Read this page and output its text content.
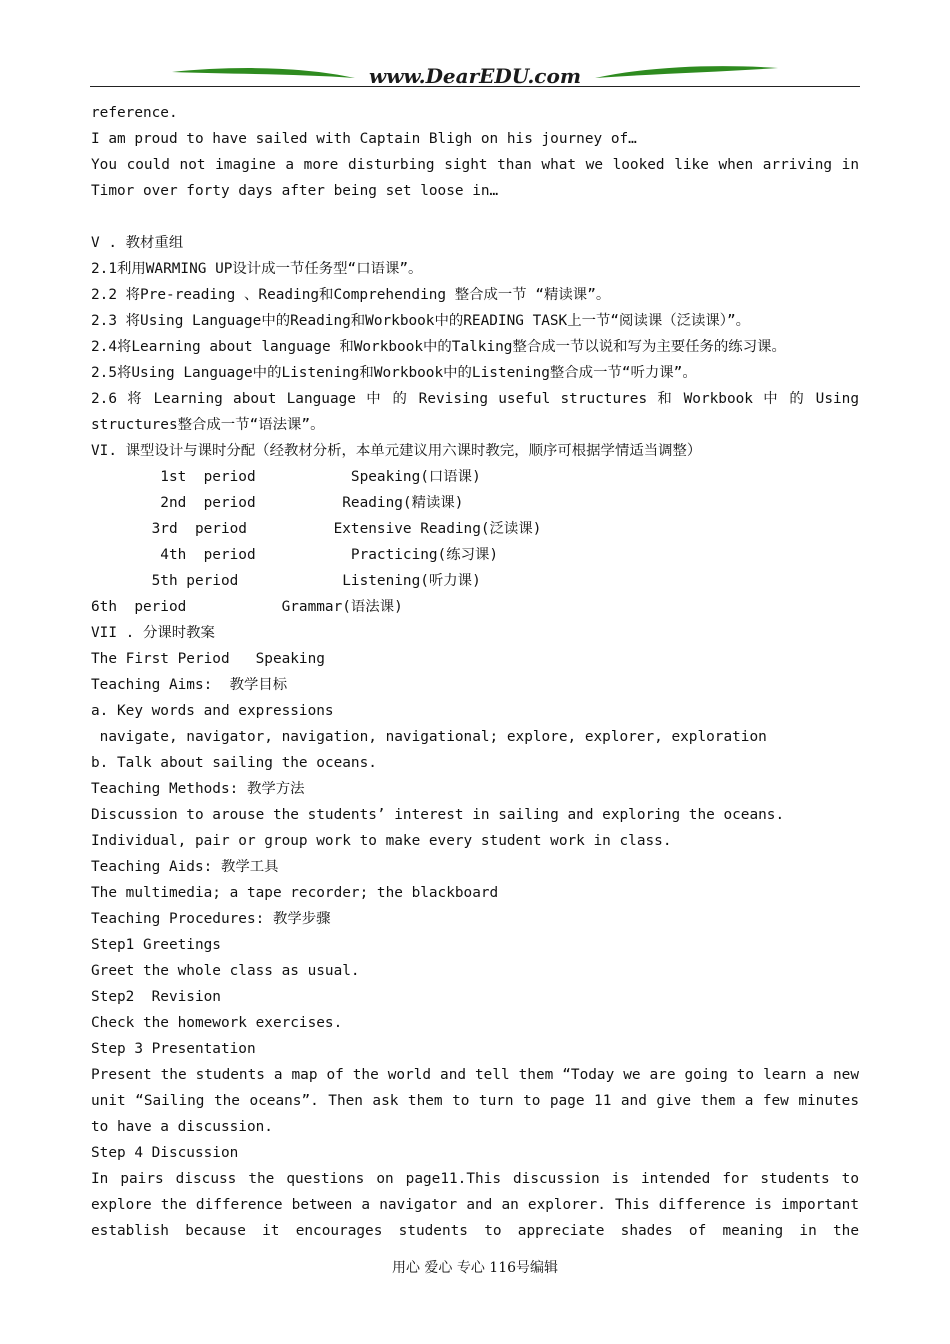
www.DearEDU.com
reference.
I am proud to have sailed with Captain Bligh on his journey of…
You could not imagine a more disturbing sight than what we looked like when arriving in
Timor over forty days after being set loose in…
V . 教材重组
2.1利用WARMING UP设计成一节任务型“口语课”。
2.2 将Pre-reading 、Reading和Comprehending 整合成一节 “精读课”。
2.3 将Using Language中的Reading和Workbook中的READING TASK上一节“阅读课（泛读课）”。
2.4将Learning about language 和Workbook中的Talking整合成一节以说和写为主要任务的练习课。
2.5将Using Language中的Listening和Workbook中的Listening整合成一节“听力课”。
2.6 将 Learning about Language 中 的 Revising useful structures 和 Workbook 中 的 Using
structures整合成一节“语法课”。
VI. 课型设计与课时分配（经教材分析，本单元建议用六课时教完，顺序可根据学情适当调整）
1st  period           Speaking(口语课)
2nd  period          Reading(精读课)
3rd  period          Extensive Reading(泛读课)
4th  period           Practicing(练习课)
5th period            Listening(听力课)
6th  period           Grammar(语法课)
VII . 分课时教案
The First Period   Speaking
Teaching Aims:  教学目标
a. Key words and expressions
navigate, navigator, navigation, navigational; explore, explorer, exploration
b. Talk about sailing the oceans.
Teaching Methods: 教学方法
Discussion to arouse the students’ interest in sailing and exploring the oceans.
Individual, pair or group work to make every student work in class.
Teaching Aids: 教学工具
The multimedia; a tape recorder; the blackboard
Teaching Procedures: 教学步骤
Step1 Greetings
Greet the whole class as usual.
Step2  Revision
Check the homework exercises.
Step 3 Presentation
Present the students a map of the world and tell them “Today we are going to learn a new
unit “Sailing the oceans”. Then ask them to turn to page 11 and give them a few minutes
to have a discussion.
Step 4 Discussion
In pairs discuss the questions on page11.This discussion is intended for students to
explore the difference between a navigator and an explorer. This difference is important
establish because it encourages students to appreciate shades of meaning in the
用心 爱心 专心 116号编辑
